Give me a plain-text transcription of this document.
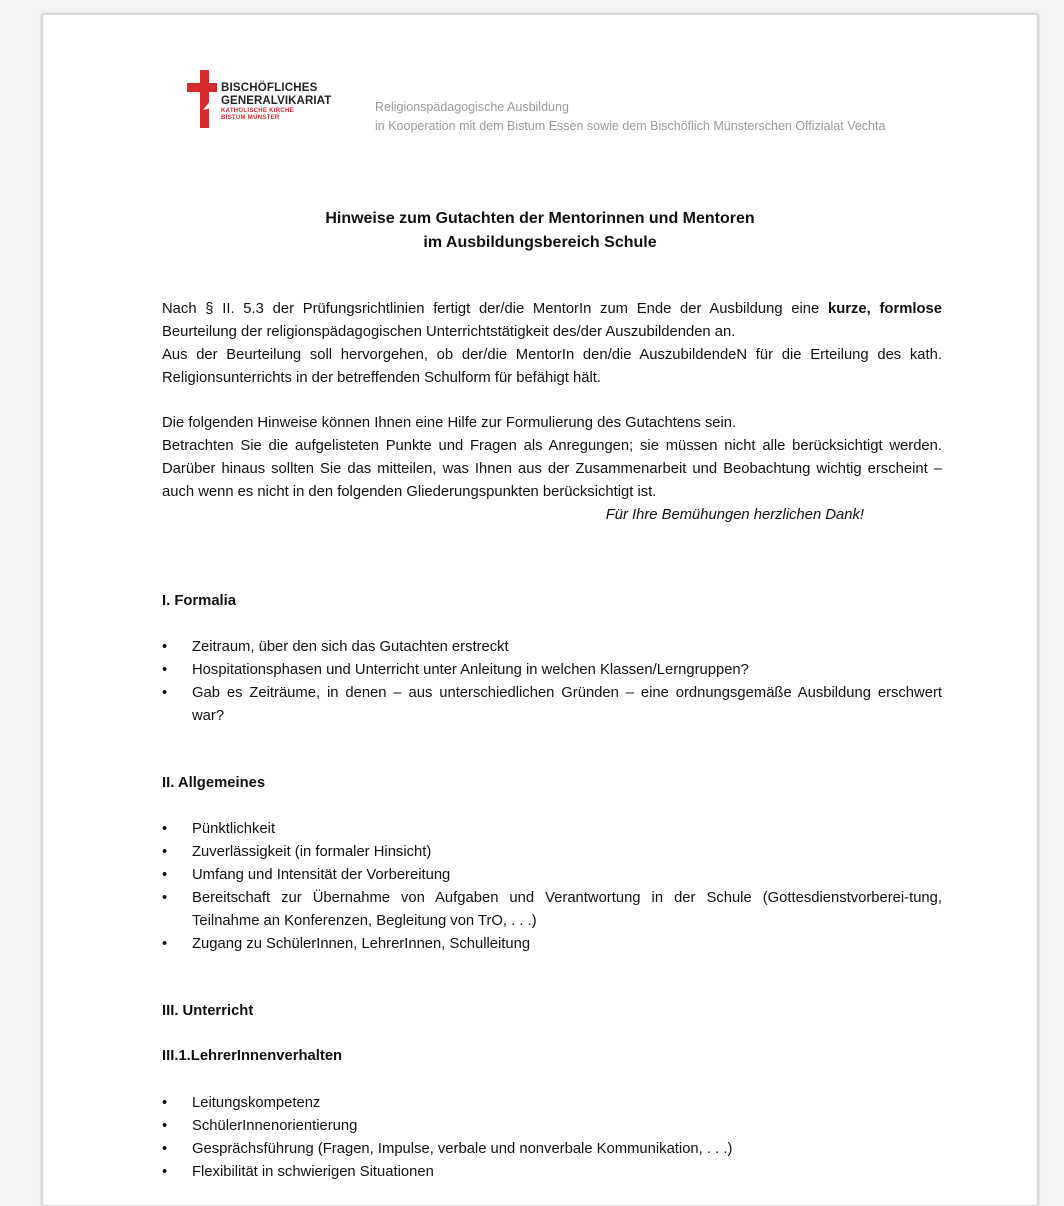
BISCHÖFLICHES
GENERALVIKARIAT
KATHOLISCHE KIRCHE
BISTUM MÜNSTER
Religionspädagogische Ausbildung
in Kooperation mit dem Bistum Essen sowie dem Bischöflich Münsterschen Offizialat Vechta
Hinweise zum Gutachten der Mentorinnen und Mentoren
im Ausbildungsbereich Schule

Nach § II. 5.3 der Prüfungsrichtlinien fertigt der/die MentorIn zum Ende der Ausbildung eine kurze, formlose Beurteilung der religionspädagogischen Unterrichtstätigkeit des/der Auszubildenden an.

Aus der Beurteilung soll hervorgehen, ob der/die MentorIn den/die AuszubildendeN für die Erteilung des kath. Religionsunterrichts in der betreffenden Schulform für befähigt hält.

Die folgenden Hinweise können Ihnen eine Hilfe zur Formulierung des Gutachtens sein.

Betrachten Sie die aufgelisteten Punkte und Fragen als Anregungen; sie müssen nicht alle berücksichtigt werden. Darüber hinaus sollten Sie das mitteilen, was Ihnen aus der Zusammenarbeit und Beobachtung wichtig erscheint – auch wenn es nicht in den folgenden Gliederungspunkten berücksichtigt ist.

Für Ihre Bemühungen herzlichen Dank!

I. Formalia
•	Zeitraum, über den sich das Gutachten erstreckt
•	Hospitationsphasen und Unterricht unter Anleitung in welchen Klassen/Lerngruppen?
•	Gab es Zeiträume, in denen – aus unterschiedlichen Gründen – eine ordnungsgemäße Ausbildung erschwert war?
II. Allgemeines
•	Pünktlichkeit
•	Zuverlässigkeit (in formaler Hinsicht)
•	Umfang und Intensität der Vorbereitung
•	Bereitschaft zur Übernahme von Aufgaben und Verantwortung in der Schule (Gottesdienstvorberei-tung, Teilnahme an Konferenzen, Begleitung von TrO, . . .)
•	Zugang zu SchülerInnen, LehrerInnen, Schulleitung
III. Unterricht
III.1.LehrerInnenverhalten
•	Leitungskompetenz
•	SchülerInnenorientierung
•	Gesprächsführung (Fragen, Impulse, verbale und nonverbale Kommunikation, . . .)
•	Flexibilität in schwierigen Situationen
